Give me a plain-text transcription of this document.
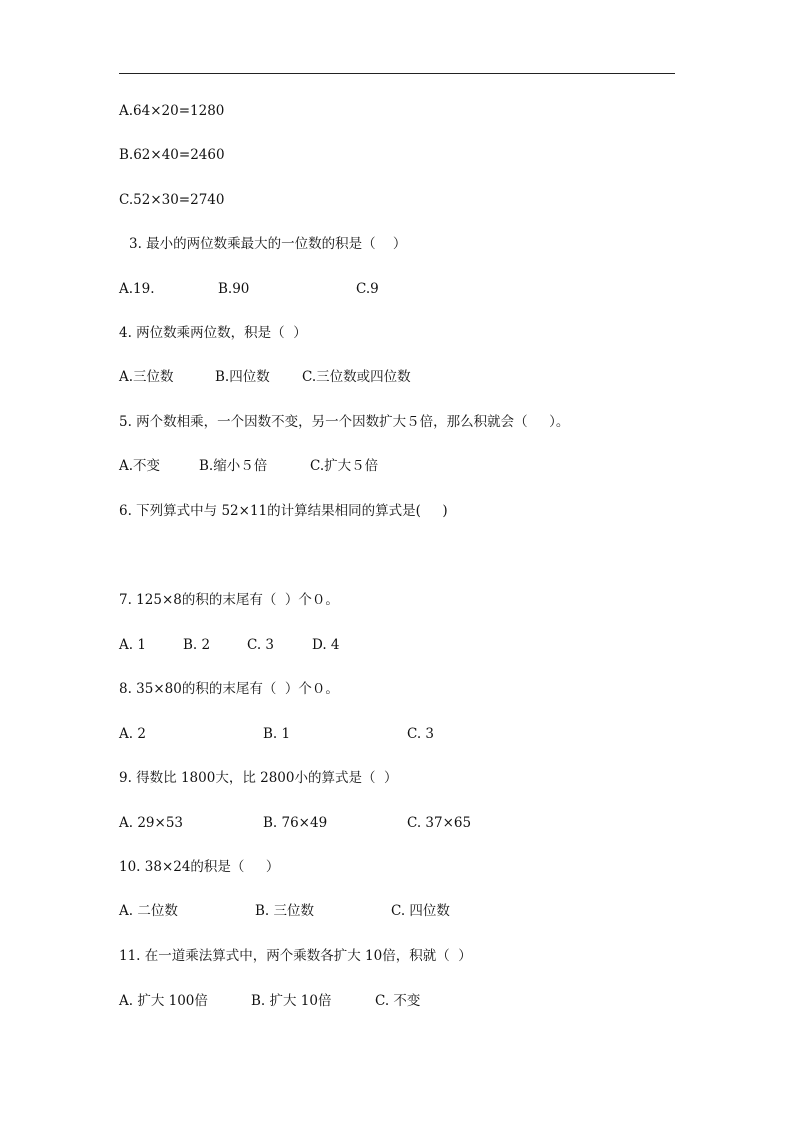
A.64×20=1280
B.62×40=2460
C.52×30=2740
3. 最小的两位数乘最大的一位数的积是（    ）
A.19.	B.90	C.9
4. 两位数乘两位数，积是（  ）
A.三位数	B.四位数 C.三位数或四位数
5. 两个数相乘，一个因数不变，另一个因数扩大５倍，那么积就会（     ）。
A.不变	B.缩小５倍	C.扩大５倍
6. 下列算式中与 52×11的计算结果相同的算式是(     )
7. 125×8的积的末尾有（  ）个０。
A. 1	B. 2	C. 3	D. 4
8. 35×80的积的末尾有（  ）个０。
A. 2	B. 1	C. 3
9. 得数比 1800大，比 2800小的算式是（  ）
A. 29×53	B. 76×49	C. 37×65
10. 38×24的积是（     ）
A. 二位数	B. 三位数	C. 四位数
11. 在一道乘法算式中，两个乘数各扩大 10倍，积就（  ）
A. 扩大 100倍	B. 扩大 10倍	C. 不变
